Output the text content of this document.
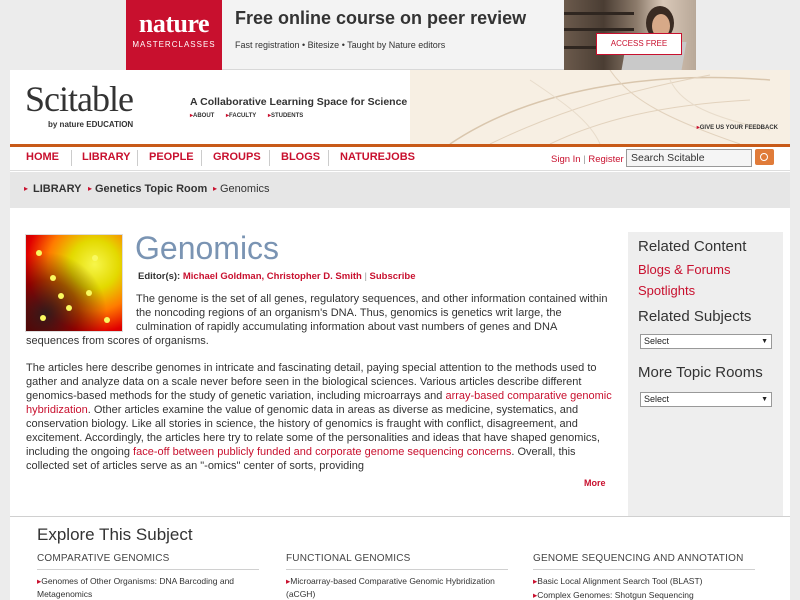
nature
MASTERCLASSES
Free online course on peer review
Fast registration • Bitesize • Taught by Nature editors	ACCESS FREE
Scitable
by nature EDUCATION
A Collaborative Learning Space for Science
▸ ABOUT ▸ FACULTY ▸ STUDENTS
▸ GIVE US YOUR FEEDBACK
HOME LIBRARY PEOPLE GROUPS BLOGS NATUREJOBS	Sign In | Register
Search Scitable
▸ LIBRARY ▸ Genetics Topic Room ▸ Genomics
Genomics
Editor(s): Michael Goldman, Christopher D. Smith | Subscribe
The genome is the set of all genes, regulatory sequences, and other information contained within the noncoding regions of an organism's DNA. Thus, genomics is genetics writ large, the culmination of rapidly accumulating information about vast numbers of genes and DNA
sequences from scores of organisms.
The articles here describe genomes in intricate and fascinating detail, paying special attention to the methods used to gather and analyze data on a scale never before seen in the biological sciences. Various articles describe different genomics-based methods for the study of genetic variation, including microarrays and array-based comparative genomic hybridization. Other articles examine the value of genomic data in areas as diverse as medicine, systematics, and conservation biology. Like all stories in science, the history of genomics is fraught with conflict, disagreement, and excitement. Accordingly, the articles here try to relate some of the personalities and ideas that have shaped genomics, including the ongoing face-off between publicly funded and corporate genome sequencing concerns. Overall, this collected set of articles serve as an "-omics" center of sorts, providing
More
Related Content
Blogs & Forums
Spotlights
Related Subjects
Select	▼
More Topic Rooms
Select	▼
Explore This Subject
COMPARATIVE GENOMICS
▸ Genomes of Other Organisms: DNA Barcoding and Metagenomics
FUNCTIONAL GENOMICS
▸ Microarray-based Comparative Genomic Hybridization (aCGH)
GENOME SEQUENCING AND ANNOTATION
▸ Basic Local Alignment Search Tool (BLAST)
▸ Complex Genomes: Shotgun Sequencing
